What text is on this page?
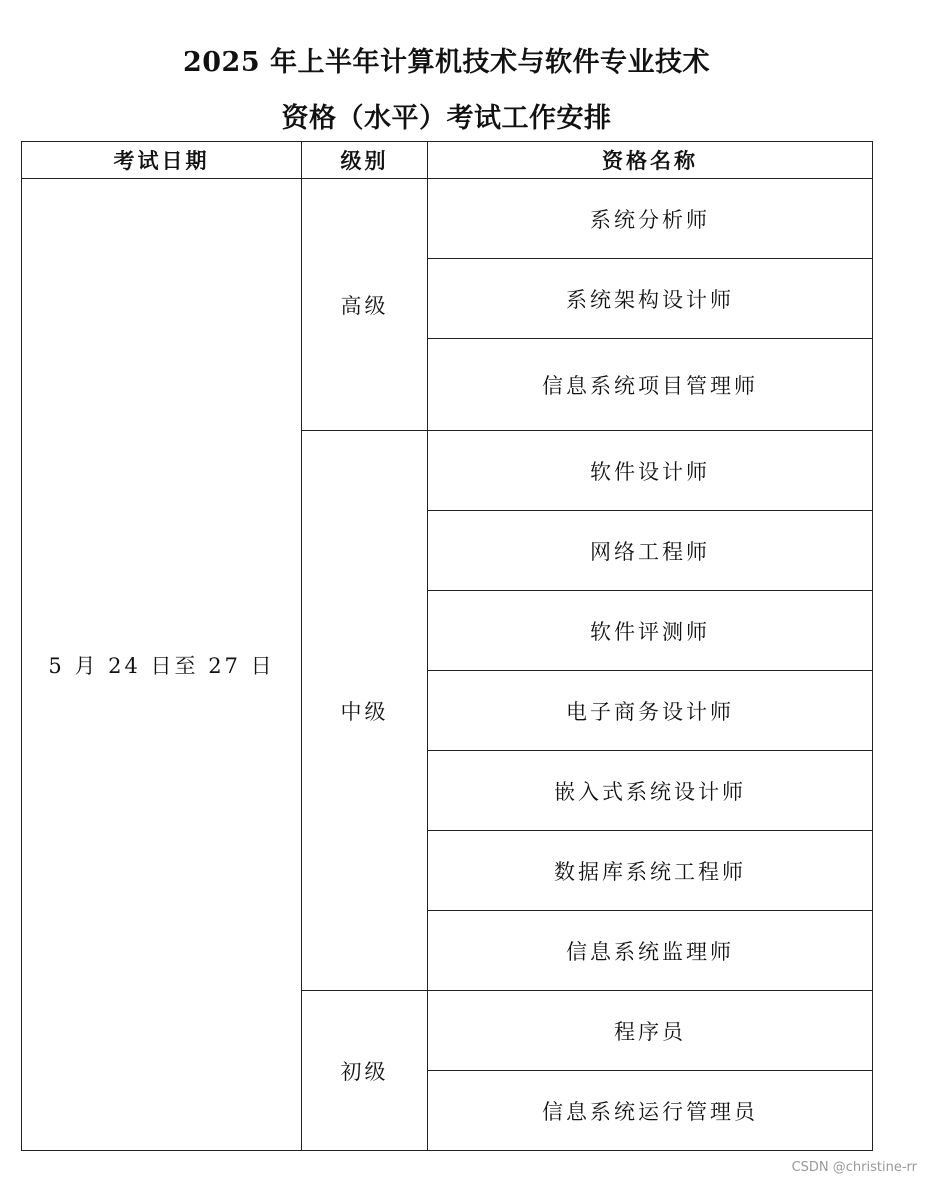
2025 年上半年计算机技术与软件专业技术
资格（水平）考试工作安排
考试日期	级别	资格名称
5 月 24 日至 27 日	高级	系统分析师
		系统架构设计师
		信息系统项目管理师
	中级	软件设计师
		网络工程师
		软件评测师
		电子商务设计师
		嵌入式系统设计师
		数据库系统工程师
		信息系统监理师
	初级	程序员
		信息系统运行管理员
CSDN @christine-rr
